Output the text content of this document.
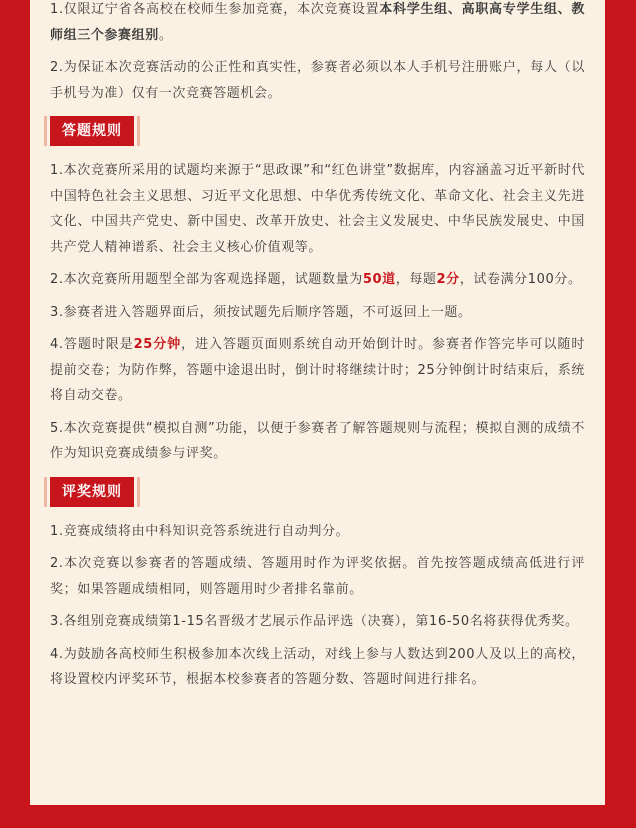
1.仅限辽宁省各高校在校师生参加竞赛，本次竞赛设置本科学生组、高职高专学生组、教师组三个参赛组别。

2.为保证本次竞赛活动的公正性和真实性，参赛者必须以本人手机号注册账户，每人（以手机号为准）仅有一次竞赛答题机会。

答题规则

1.本次竞赛所采用的试题均来源于“思政课”和“红色讲堂”数据库，内容涵盖习近平新时代中国特色社会主义思想、习近平文化思想、中华优秀传统文化、革命文化、社会主义先进文化、中国共产党史、新中国史、改革开放史、社会主义发展史、中华民族发展史、中国共产党人精神谱系、社会主义核心价值观等。

2.本次竞赛所用题型全部为客观选择题，试题数量为50道，每题2分，试卷满分100分。

3.参赛者进入答题界面后，须按试题先后顺序答题，不可返回上一题。

4.答题时限是25分钟，进入答题页面则系统自动开始倒计时。参赛者作答完毕可以随时提前交卷；为防作弊，答题中途退出时，倒计时将继续计时；25分钟倒计时结束后，系统将自动交卷。

5.本次竞赛提供“模拟自测”功能，以便于参赛者了解答题规则与流程；模拟自测的成绩不作为知识竞赛成绩参与评奖。

评奖规则

1.竞赛成绩将由中科知识竞答系统进行自动判分。

2.本次竞赛以参赛者的答题成绩、答题用时作为评奖依据。首先按答题成绩高低进行评奖；如果答题成绩相同，则答题用时少者排名靠前。

3.各组别竞赛成绩第1-15名晋级才艺展示作品评选（决赛），第16-50名将获得优秀奖。

4.为鼓励各高校师生积极参加本次线上活动，对线上参与人数达到200人及以上的高校，将设置校内评奖环节，根据本校参赛者的答题分数、答题时间进行排名。
